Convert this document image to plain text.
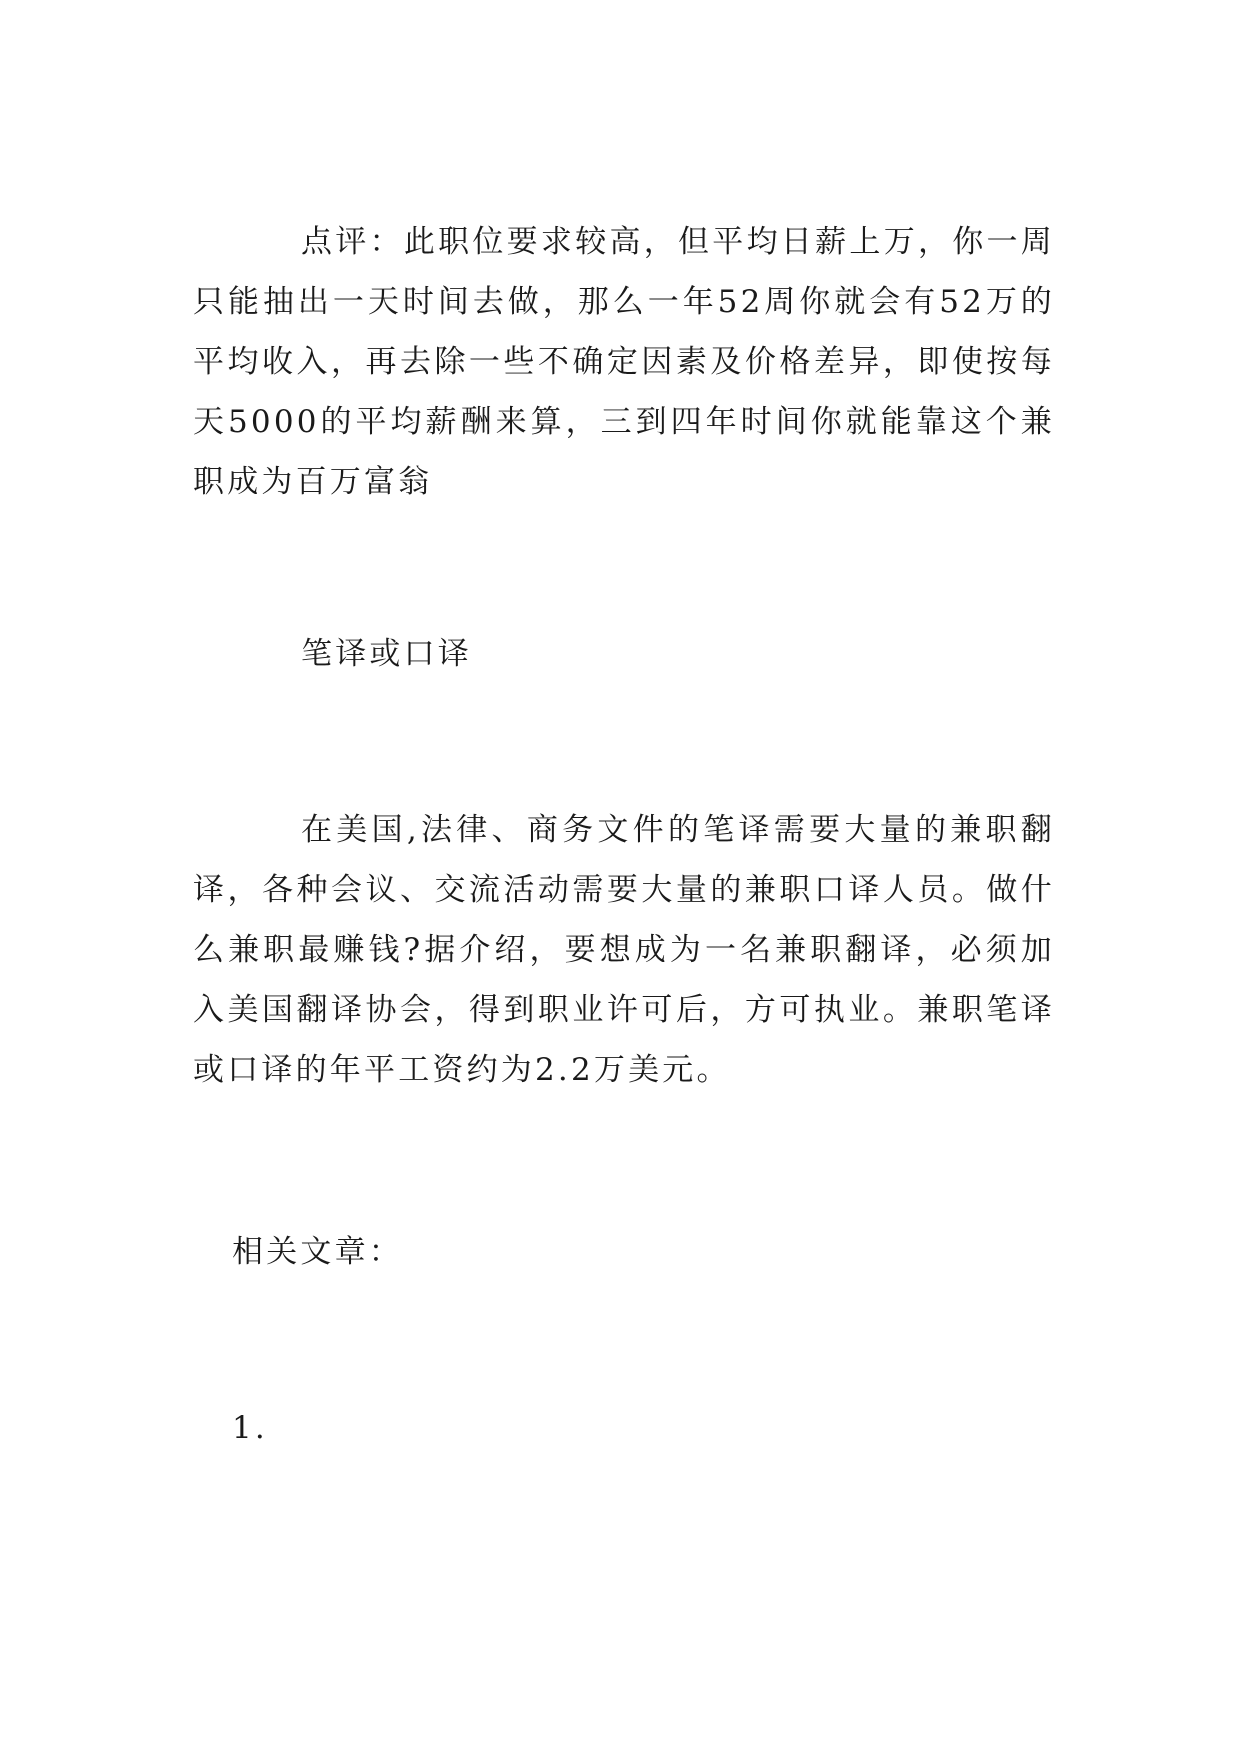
点评：此职位要求较高，但平均日薪上万，你一周只能抽出一天时间去做，那么一年52周你就会有52万的平均收入，再去除一些不确定因素及价格差异，即使按每天5000的平均薪酬来算，三到四年时间你就能靠这个兼职成为百万富翁

笔译或口译

在美国,法律、商务文件的笔译需要大量的兼职翻译，各种会议、交流活动需要大量的兼职口译人员。做什么兼职最赚钱?据介绍，要想成为一名兼职翻译，必须加入美国翻译协会，得到职业许可后，方可执业。兼职笔译或口译的年平工资约为2.2万美元。

相关文章：

1.
